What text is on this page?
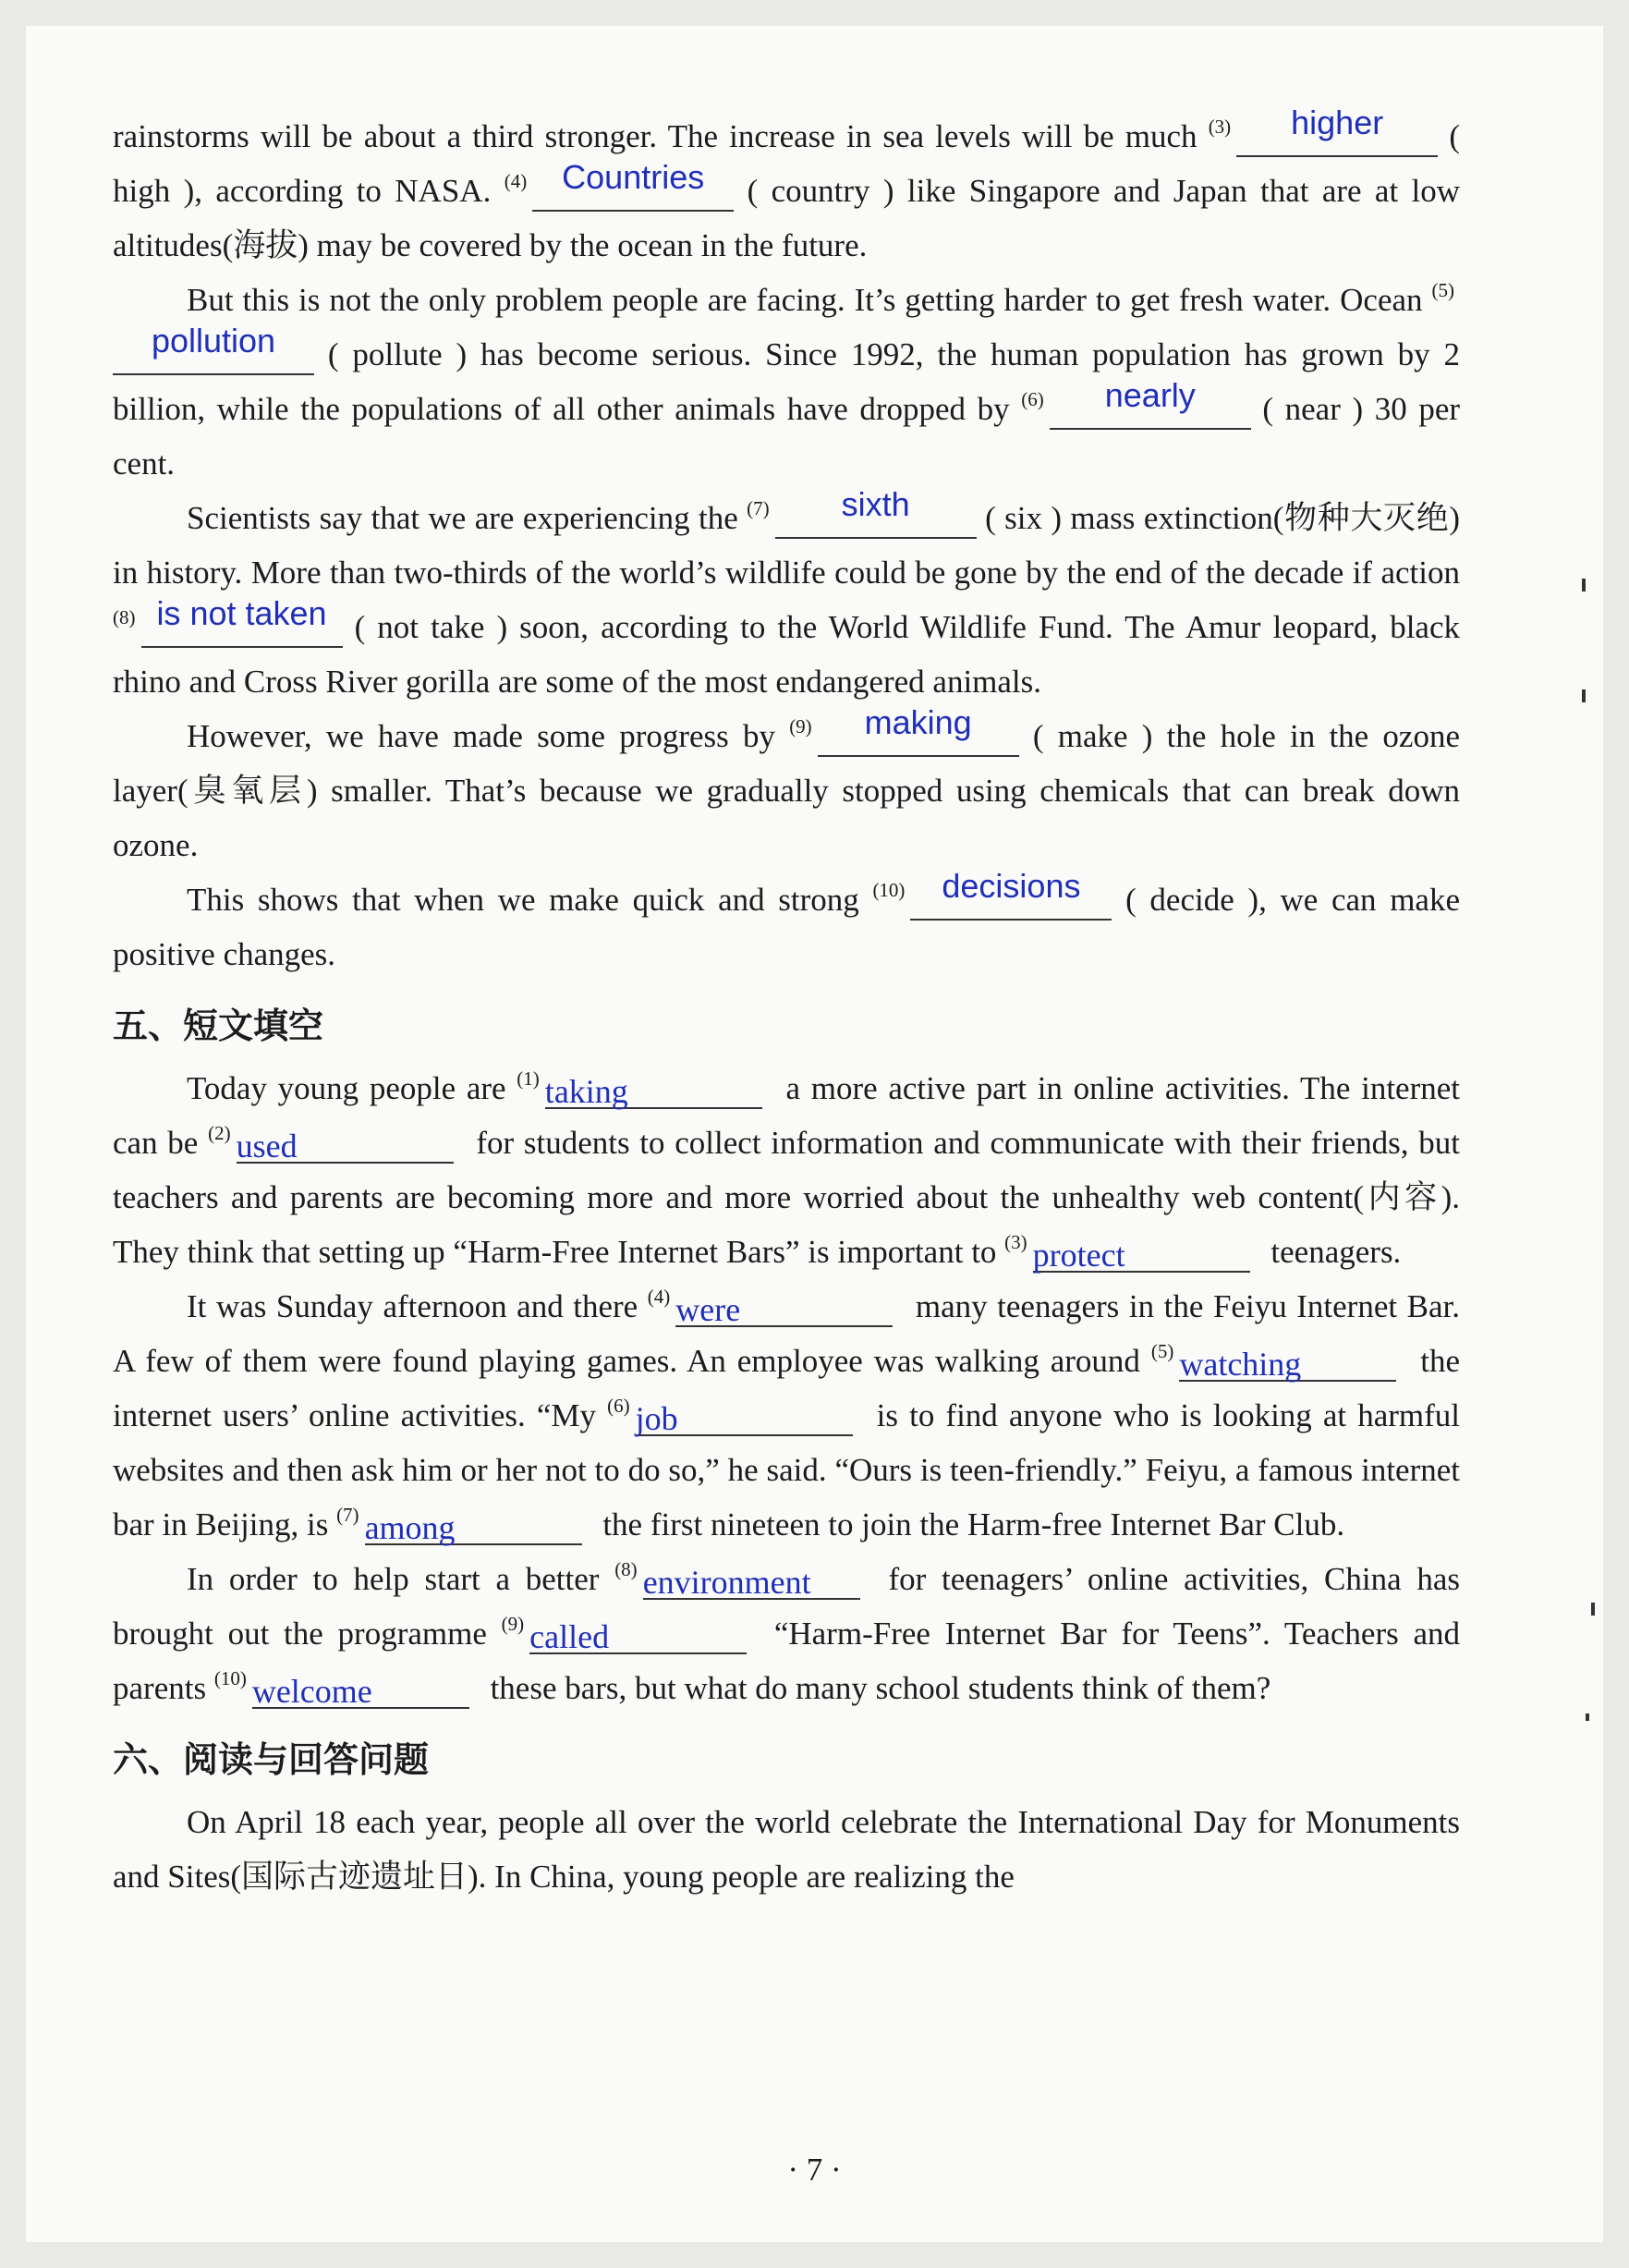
rainstorms will be about a third stronger. The increase in sea levels will be much $^{(3)}$ higher ( high ), according to NASA. $^{(4)}$ Countries ( country ) like Singapore and Japan that are at low altitudes(海拔) may be covered by the ocean in the future.

But this is not the only problem people are facing. It’s getting harder to get fresh water. Ocean $^{(5)}$pollution ( pollute ) has become serious. Since 1992, the human population has grown by 2 billion, while the populations of all other animals have dropped by $^{(6)}$ nearly ( near ) 30 per cent.

Scientists say that we are experiencing the $^{(7)}$ sixth ( six ) mass extinction(物种大灭绝) in history. More than two-thirds of the world’s wildlife could be gone by the end of the decade if action $^{(8)}$ is not taken ( not take ) soon, according to the World Wildlife Fund. The Amur leopard, black rhino and Cross River gorilla are some of the most endangered animals.

However, we have made some progress by $^{(9)}$ making ( make ) the hole in the ozone layer(臭氧层) smaller. That’s because we gradually stopped using chemicals that can break down ozone.

This shows that when we make quick and strong $^{(10)}$ decisions ( decide ), we can make positive changes.

五、短文填空

Today young people are $^{(1)}$ taking	a more active part in online activities. The internet can be $^{(2)}$ used	for students to collect information and communicate with their friends, but teachers and parents are becoming more and more worried about the unhealthy web content(内容). They think that setting up “Harm-Free Internet Bars” is important to $^{(3)}$ protect	teenagers.

It was Sunday afternoon and there $^{(4)}$ were	many teenagers in the Feiyu Internet Bar. A few of them were found playing games. An employee was walking around $^{(5)}$ watching	the internet users’ online activities. “My $^{(6)}$ job	is to find anyone who is looking at harmful websites and then ask him or her not to do so,” he said. “Ours is teen-friendly.” Feiyu, a famous internet bar in Beijing, is $^{(7)}$ among	the first nineteen to join the Harm-free Internet Bar Club.

In order to help start a better $^{(8)}$ environment for teenagers’ online activities, China has brought out the programme $^{(9)}$ called	“Harm-Free Internet Bar for Teens”. Teachers and parents $^{(10)}$ welcome	these bars, but what do many school students think of them?

六、阅读与回答问题

On April 18 each year, people all over the world celebrate the International Day for Monuments and Sites(国际古迹遗址日). In China, young people are realizing the

· 7 ·
